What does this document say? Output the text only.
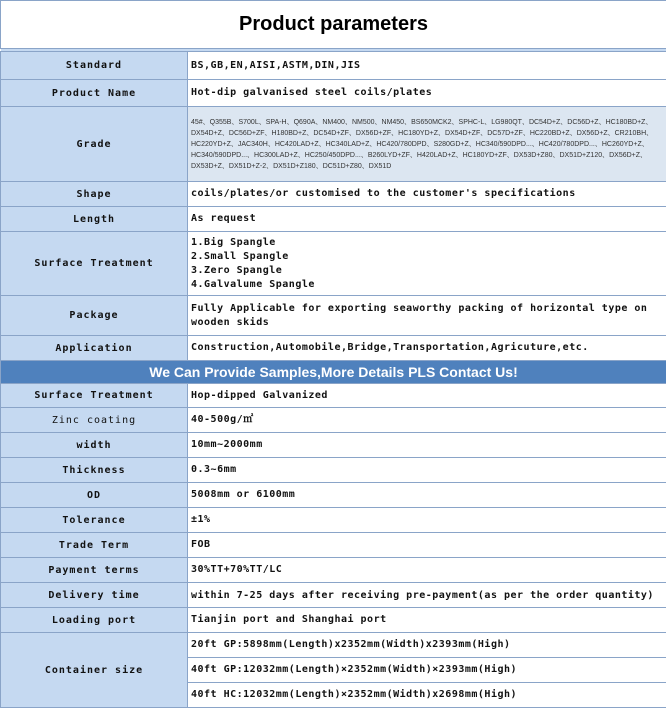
Product parameters	

Standard	BS,GB,EN,AISI,ASTM,DIN,JIS
Product Name	Hot-dip galvanised steel coils/plates
Grade	45#、Q355B、S700L、SPA-H、Q690A、NM400、NM500、NM450、BS650MCK2、SPHC-L、LG980QT、DC54D+Z、DC56D+Z、HC180BD+Z、DX54D+Z、DC56D+ZF、H180BD+Z、DC54D+ZF、DX56D+ZF、HC180YD+Z、DX54D+ZF、DC57D+ZF、HC220BD+Z、DX56D+Z、CR210BH、HC220YD+Z、JAC340H、HC420LAD+Z、HC340LAD+Z、HC420/780DPD、S280GD+Z、HC340/590DPD...、HC420/780DPD...、HC260YD+Z、HC340/590DPD...、HC300LAD+Z、HC250/450DPD...、B260LYD+ZF、H420LAD+Z、HC180YD+ZF、DX53D+Z80、DX51D+Z120、DX56D+Z、DX53D+Z、DX51D+Z-2、DX51D+Z180、DC51D+Z80、DX51D
Shape	coils/plates/or customised to the customer's specifications
Length	As request
Surface Treatment	1.Big Spangle
2.Small Spangle
3.Zero Spangle
4.Galvalume Spangle

Package	Fully Applicable for exporting seaworthy packing of horizontal type on wooden skids
Application	Construction,Automobile,Bridge,Transportation,Agricuture,etc.
We Can Provide Samples,More Details PLS Contact Us!	
Surface Treatment	Hop-dipped Galvanized
Zinc coating	40-500g/㎡
width	10mm~2000mm
Thickness	0.3~6mm
OD	5008mm or 6100mm
Tolerance	±1%
Trade Term	FOB
Payment terms	30%TT+70%TT/LC
Delivery time	within 7-25 days after receiving pre-payment(as per the order quantity)
Loading port	Tianjin port and Shanghai port
Container size	20ft GP:5898mm(Length)x2352mm(Width)x2393mm(High)
	40ft GP:12032mm(Length)×2352mm(Width)×2393mm(High)
	40ft HC:12032mm(Length)×2352mm(Width)x2698mm(High)
